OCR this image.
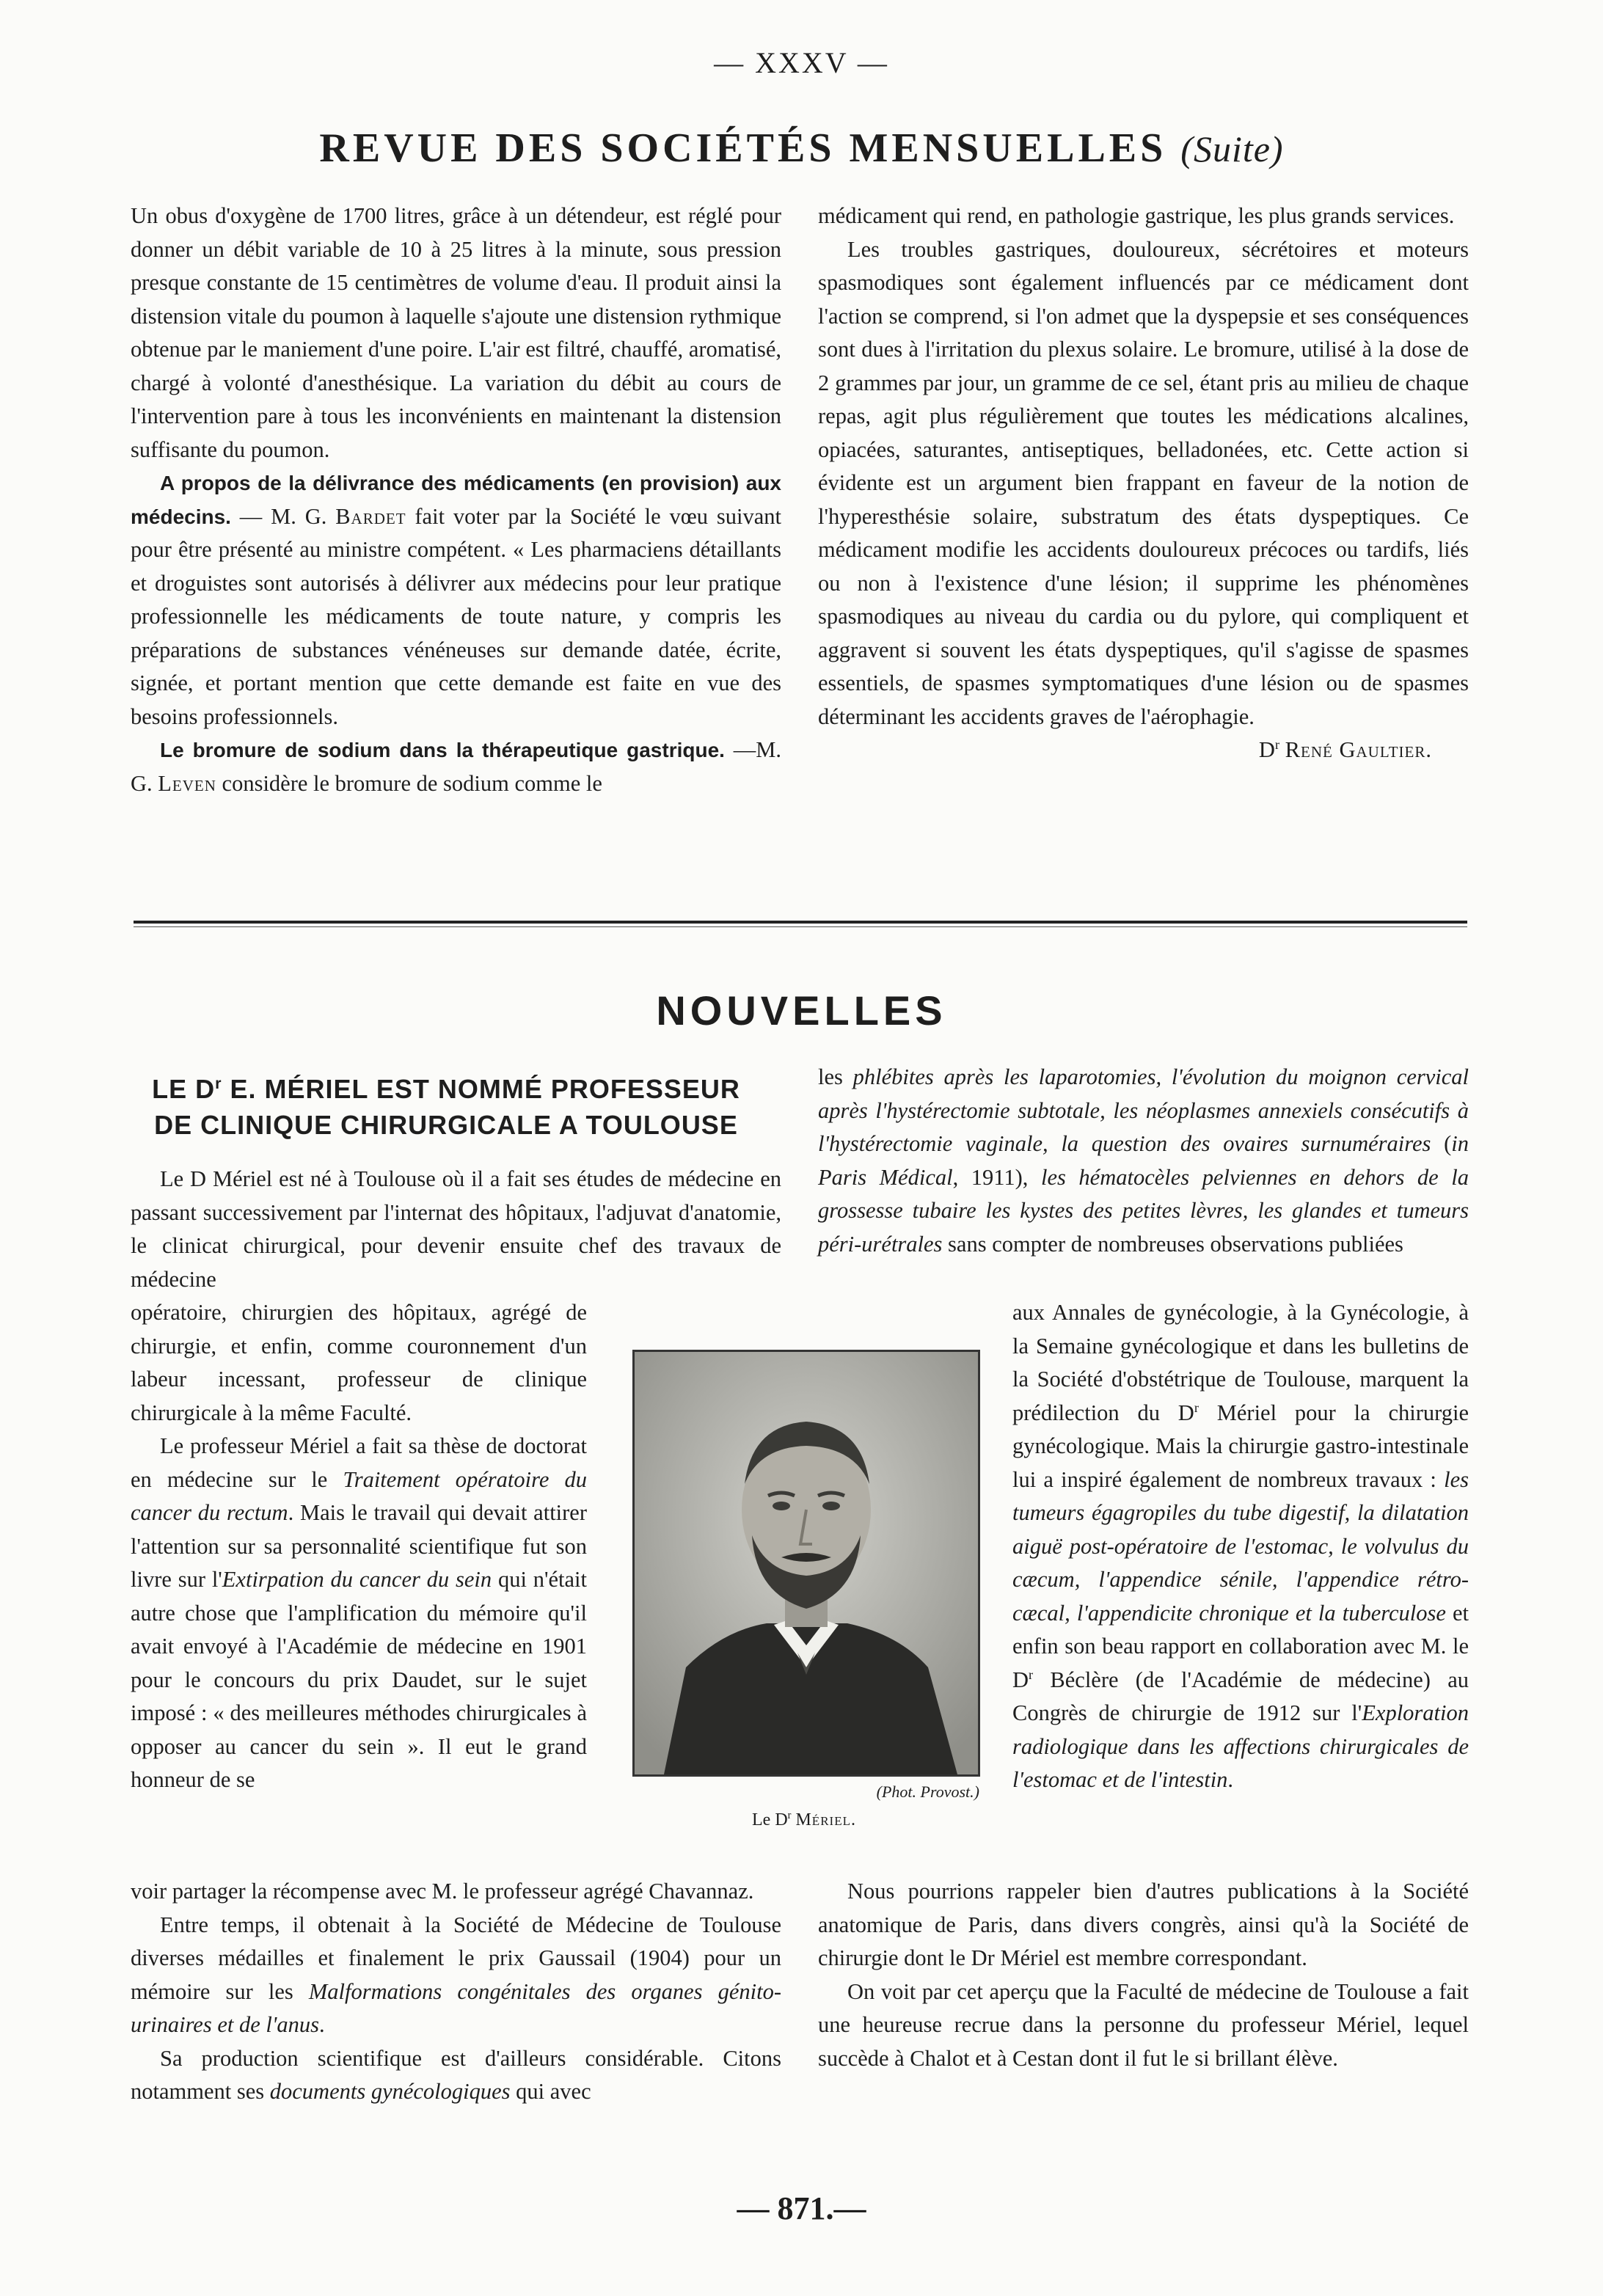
— XXXV —
REVUE DES SOCIÉTÉS MENSUELLES (Suite)

Un obus d'oxygène de 1700 litres, grâce à un détendeur, est réglé pour donner un débit variable de 10 à 25 litres à la minute, sous pression presque constante de 15 centimètres de volume d'eau. Il produit ainsi la distension vitale du poumon à laquelle s'ajoute une distension rythmique obtenue par le maniement d'une poire. L'air est filtré, chauffé, aromatisé, chargé à volonté d'anesthésique. La variation du débit au cours de l'intervention pare à tous les inconvénients en maintenant la distension suffisante du poumon.

A propos de la délivrance des médicaments (en provision) aux médecins. — M. G. Bardet fait voter par la Société le vœu suivant pour être présenté au ministre compétent. « Les pharmaciens détaillants et droguistes sont autorisés à délivrer aux médecins pour leur pratique professionnelle les médicaments de toute nature, y compris les préparations de substances vénéneuses sur demande datée, écrite, signée, et portant mention que cette demande est faite en vue des besoins professionnels.

Le bromure de sodium dans la thérapeutique gastrique. —M. G. Leven considère le bromure de sodium comme le

médicament qui rend, en pathologie gastrique, les plus grands services.

Les troubles gastriques, douloureux, sécrétoires et moteurs spasmodiques sont également influencés par ce médicament dont l'action se comprend, si l'on admet que la dyspepsie et ses conséquences sont dues à l'irritation du plexus solaire. Le bromure, utilisé à la dose de 2 grammes par jour, un gramme de ce sel, étant pris au milieu de chaque repas, agit plus régulièrement que toutes les médications alcalines, opiacées, saturantes, antiseptiques, belladonées, etc. Cette action si évidente est un argument bien frappant en faveur de la notion de l'hyperesthésie solaire, substratum des états dyspeptiques. Ce médicament modifie les accidents douloureux précoces ou tardifs, liés ou non à l'existence d'une lésion; il supprime les phénomènes spasmodiques au niveau du cardia ou du pylore, qui compliquent et aggravent si souvent les états dyspeptiques, qu'il s'agisse de spasmes essentiels, de spasmes symptomatiques d'une lésion ou de spasmes déterminant les accidents graves de l'aérophagie.

$D^r$ René Gaultier.

NOUVELLES
LE $D^r$ E. MÉRIEL EST NOMMÉ PROFESSEUR DE CLINIQUE CHIRURGICALE A TOULOUSE

Le D Mériel est né à Toulouse où il a fait ses études de médecine en passant successivement par l'internat des hôpitaux, l'adjuvat d'anatomie, le clinicat chirurgical, pour devenir ensuite chef des travaux de médecine

opératoire, chirurgien des hôpitaux, agrégé de chirurgie, et enfin, comme couronnement d'un labeur incessant, professeur de clinique chirurgicale à la même Faculté.

Le professeur Mériel a fait sa thèse de doctorat en médecine sur le Traitement opératoire du cancer du rectum. Mais le travail qui devait attirer l'attention sur sa personnalité scientifique fut son livre sur l'Extirpation du cancer du sein qui n'était autre chose que l'amplification du mémoire qu'il avait envoyé à l'Académie de médecine en 1901 pour le concours du prix Daudet, sur le sujet imposé : « des meilleures méthodes chirurgicales à opposer au cancer du sein ». Il eut le grand honneur de se

voir partager la récompense avec M. le professeur agrégé Chavannaz.

Entre temps, il obtenait à la Société de Médecine de Toulouse diverses médailles et finalement le prix Gaussail (1904) pour un mémoire sur les Malformations congénitales des organes génito-urinaires et de l'anus.

Sa production scientifique est d'ailleurs considérable. Citons notamment ses documents gynécologiques qui avec

les phlébites après les laparotomies, l'évolution du moignon cervical après l'hystérectomie subtotale, les néoplasmes annexiels consécutifs à l'hystérectomie vaginale, la question des ovaires surnuméraires (in Paris Médical, 1911), les hématocèles pelviennes en dehors de la grossesse tubaire les kystes des petites lèvres, les glandes et tumeurs péri-urétrales sans compter de nombreuses observations publiées

aux Annales de gynécologie, à la Gynécologie, à la Semaine gynécologique et dans les bulletins de la Société d'obstétrique de Toulouse, marquent la prédilection du $D^r$ Mériel pour la chirurgie gynécologique. Mais la chirurgie gastro-intestinale lui a inspiré également de nombreux travaux : les tumeurs égagropiles du tube digestif, la dilatation aiguë post-opératoire de l'estomac, le volvulus du cæcum, l'appendice sénile, l'appendice rétro-cæcal, l'appendicite chronique et la tuberculose et enfin son beau rapport en collaboration avec M. le $D^r$ Béclère (de l'Académie de médecine) au Congrès de chirurgie de 1912 sur l'Exploration radiologique dans les affections chirurgicales de l'estomac et de l'intestin.

Nous pourrions rappeler bien d'autres publications à la Société anatomique de Paris, dans divers congrès, ainsi qu'à la Société de chirurgie dont le Dr Mériel est membre correspondant.

On voit par cet aperçu que la Faculté de médecine de Toulouse a fait une heureuse recrue dans la personne du professeur Mériel, lequel succède à Chalot et à Cestan dont il fut le si brillant élève.

(Phot. Provost.)
Le $D^r$ Mériel.
— 871.—
